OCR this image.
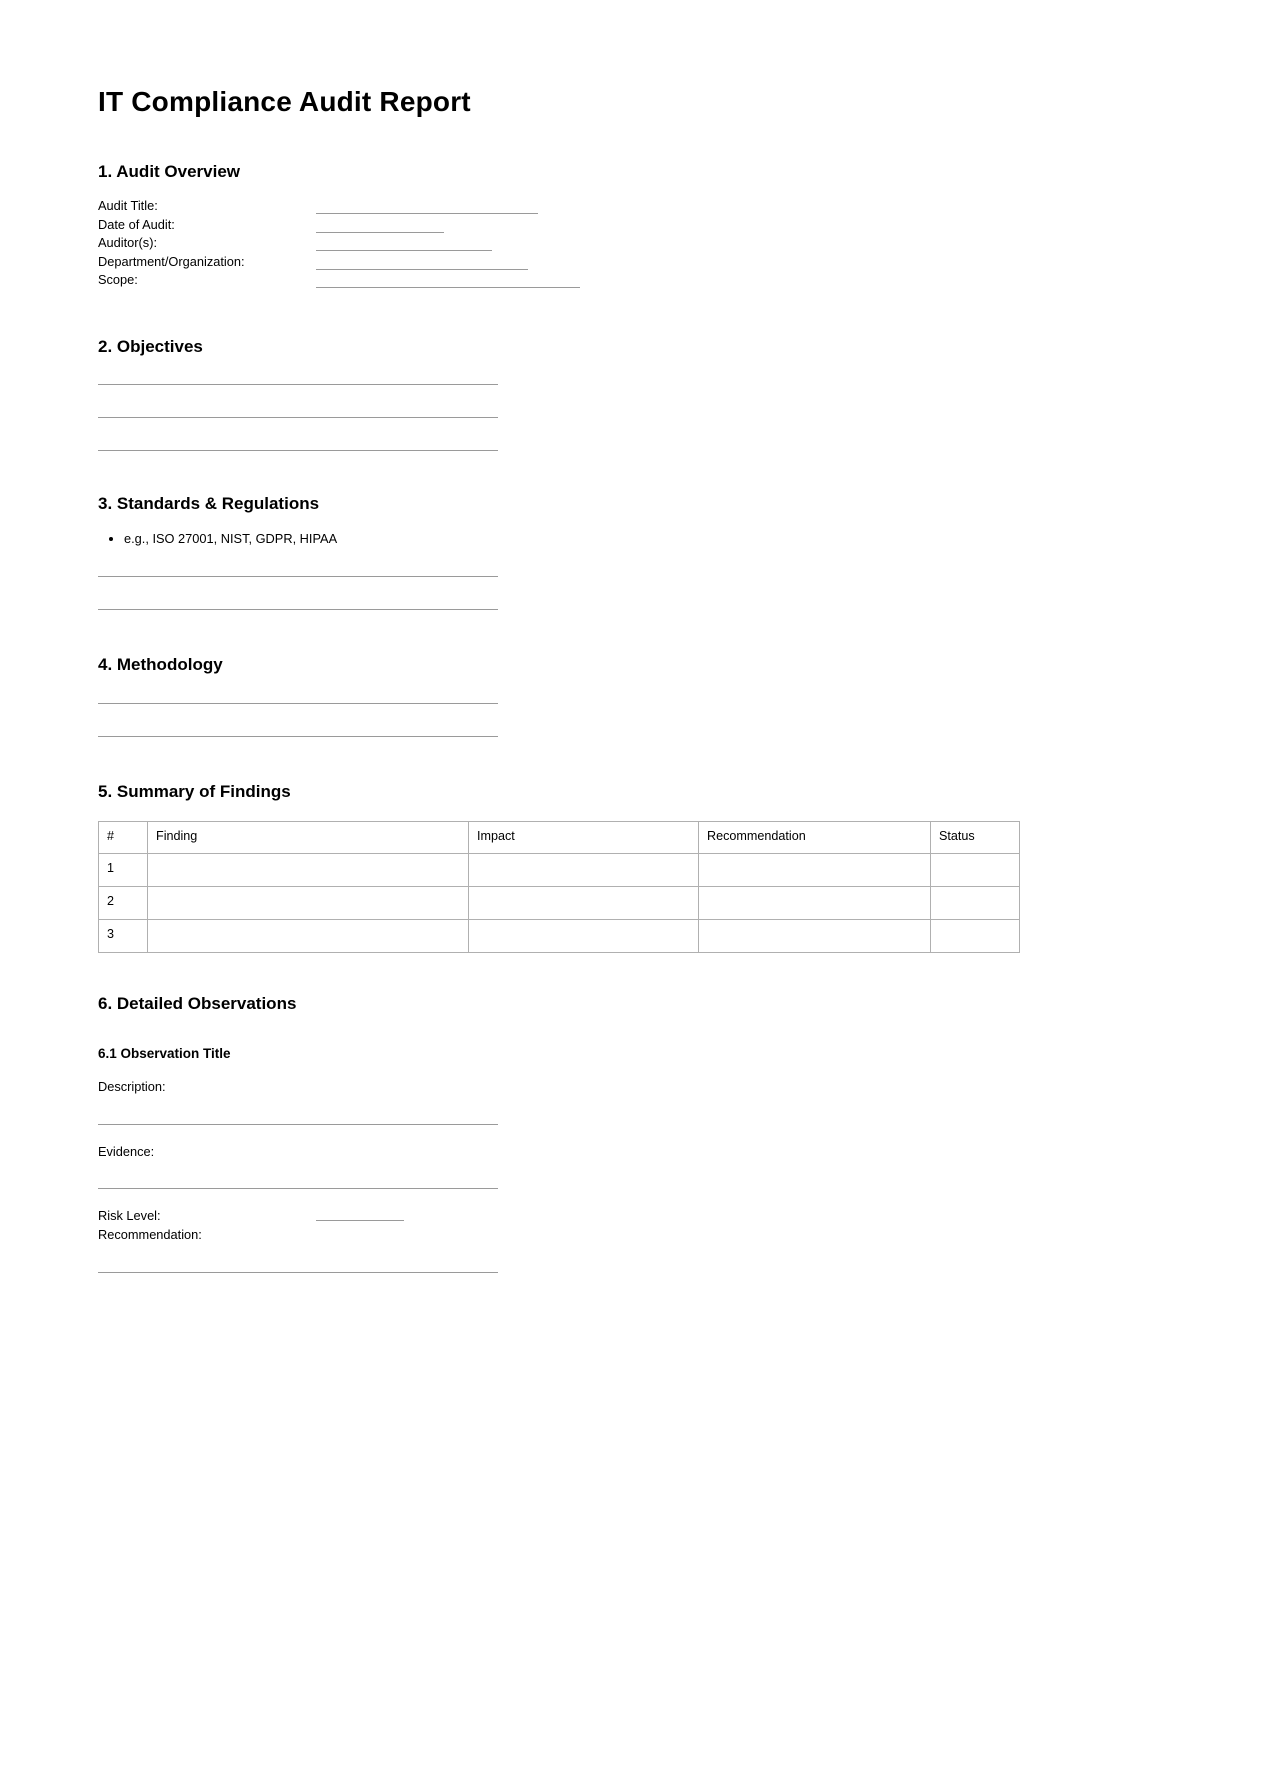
IT Compliance Audit Report
1. Audit Overview
Audit Title:
Date of Audit:
Auditor(s):
Department/Organization:
Scope:
2. Objectives
3. Standards & Regulations
• e.g., ISO 27001, NIST, GDPR, HIPAA
4. Methodology
5. Summary of Findings
#	Finding	Impact	Recommendation	Status
1				
2				
3				
6. Detailed Observations
6.1 Observation Title

Description:

Evidence:

Risk Level:

Recommendation:
